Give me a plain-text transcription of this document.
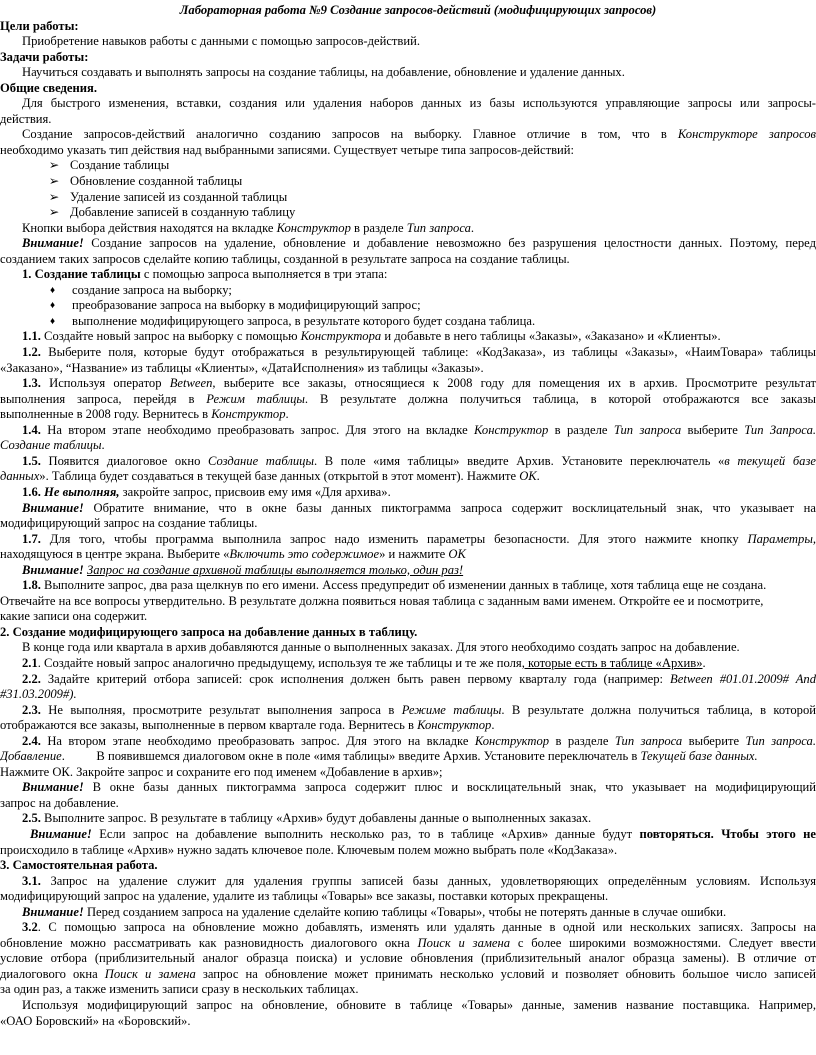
Лабораторная работа №9 Создание запросов-действий (модифицирующих запросов)

Цели работы:

Приобретение навыков работы с данными с помощью запросов-действий.

Задачи работы:

Научиться создавать и выполнять запросы на создание таблицы, на добавление, обновление и удаление данных.

Общие сведения.

Для быстрого изменения, вставки, создания или удаления наборов данных из базы используются управляющие запросы или запросы-

действия.

Создание запросов-действий аналогично созданию запросов на выборку. Главное отличие в том, что в Конструкторе запросов

необходимо указать тип действия над выбранными записями. Существует четыре типа запросов-действий:

➢ Создание таблицы

➢ Обновление созданной таблицы

➢ Удаление записей из созданной таблицы

➢ Добавление записей в созданную таблицу

Кнопки выбора действия находятся на вкладке Конструктор в разделе Тип запроса.

Внимание! Создание запросов на удаление, обновление и добавление невозможно без разрушения целостности данных. Поэтому, перед

созданием таких запросов сделайте копию таблицы, созданной в результате запроса на создание таблицы.

1. Создание таблицы с помощью запроса выполняется в три этапа:

♦ создание запроса на выборку;

♦ преобразование запроса на выборку в модифицирующий запрос;

♦ выполнение модифицирующего запроса, в результате которого будет создана таблица.

1.1. Создайте новый запрос на выборку с помощью Конструктора и добавьте в него таблицы «Заказы», «Заказано» и «Клиенты».

1.2. Выберите поля, которые будут отображаться в результирующей таблице: «КодЗаказа», из таблицы «Заказы», «НаимТовара» таблицы

«Заказано», “Название» из таблицы «Клиенты», «ДатаИсполнения» из таблицы «Заказы».

1.3. Используя оператор Between, выберите все заказы, относящиеся к 2008 году для помещения их в архив. Просмотрите результат

выполнения запроса, перейдя в Режим таблицы. В результате должна получиться таблица, в которой отображаются все заказы

выполненные в 2008 году. Вернитесь в Конструктор.

1.4. На втором этапе необходимо преобразовать запрос. Для этого на вкладке Конструктор в разделе Тип запроса выберите Тип Запроса.

Создание таблицы.

1.5. Появится диалоговое окно Создание таблицы. В поле «имя таблицы» введите Архив. Установите переключатель «в текущей базе

данных». Таблица будет создаваться в текущей базе данных (открытой в этот момент). Нажмите ОК.

1.6. Не выполняя, закройте запрос, присвоив ему имя «Для архива».

Внимание! Обратите внимание, что в окне базы данных пиктограмма запроса содержит восклицательный знак, что указывает на

модифицирующий запрос на создание таблицы.

1.7. Для того, чтобы программа выполнила запрос надо изменить параметры безопасности. Для этого нажмите кнопку Параметры,

находящуюся в центре экрана. Выберите «Включить это содержимое» и нажмите ОК

Внимание! Запрос на создание архивной таблицы выполняется только, один раз!

1.8. Выполните запрос, два раза щелкнув по его имени. Access предупредит об изменении данных в таблице, хотя таблица еще не создана.

Отвечайте на все вопросы утвердительно. В результате должна появиться новая таблица с заданным вами именем. Откройте ее и посмотрите,

какие записи она содержит.

2. Создание модифицирующего запроса на добавление данных в таблицу.

В конце года или квартала в архив добавляются данные о выполненных заказах. Для этого необходимо создать запрос на добавление.

2.1. Создайте новый запрос аналогично предыдущему, используя те же таблицы и те же поля, которые есть в таблице «Архив».

2.2. Задайте критерий отбора записей: срок исполнения должен быть равен первому кварталу года (например: Between #01.01.2009# And

#31.03.2009#).

2.3. Не выполняя, просмотрите результат выполнения запроса в Режиме таблицы. В результате должна получиться таблица, в которой

отображаются все заказы, выполненные в первом квартале года. Вернитесь в Конструктор.

2.4. На втором этапе необходимо преобразовать запрос. Для этого на вкладке Конструктор в разделе Тип запроса выберите Тип запроса.

Добавление.          В появившемся диалоговом окне в поле «имя таблицы» введите Архив. Установите переключатель в Текущей базе данных.

Нажмите ОК. Закройте запрос и сохраните его под именем «Добавление в архив»;

Внимание! В окне базы данных пиктограмма запроса содержит плюс и восклицательный знак, что указывает на модифицирующий

запрос на добавление.

2.5. Выполните запрос. В результате в таблицу «Архив» будут добавлены данные о выполненных заказах.

Внимание! Если запрос на добавление выполнить несколько раз, то в таблице «Архив» данные будут повторяться. Чтобы этого не

происходило в таблице «Архив» нужно задать ключевое поле. Ключевым полем можно выбрать поле «КодЗаказа».

3. Самостоятельная работа.

3.1. Запрос на удаление служит для удаления группы записей базы данных, удовлетворяющих определённым условиям. Используя

модифицирующий запрос на удаление, удалите из таблицы «Товары» все заказы, поставки которых прекращены.

Внимание! Перед созданием запроса на удаление сделайте копию таблицы «Товары», чтобы не потерять данные в случае ошибки.

3.2. С помощью запроса на обновление можно добавлять, изменять или удалять данные в одной или нескольких записях. Запросы на

обновление можно рассматривать как разновидность диалогового окна Поиск и замена с более широкими возможностями. Следует ввести

условие отбора (приблизительный аналог образца поиска) и условие обновления (приблизительный аналог образца замены). В отличие от

диалогового окна Поиск и замена запрос на обновление может принимать несколько условий и позволяет обновить большое число записей

за один раз, а также изменить записи сразу в нескольких таблицах.

Используя модифицирующий запрос на обновление, обновите в таблице «Товары» данные, заменив название поставщика. Например,

«ОАО Боровский» на «Боровский».
